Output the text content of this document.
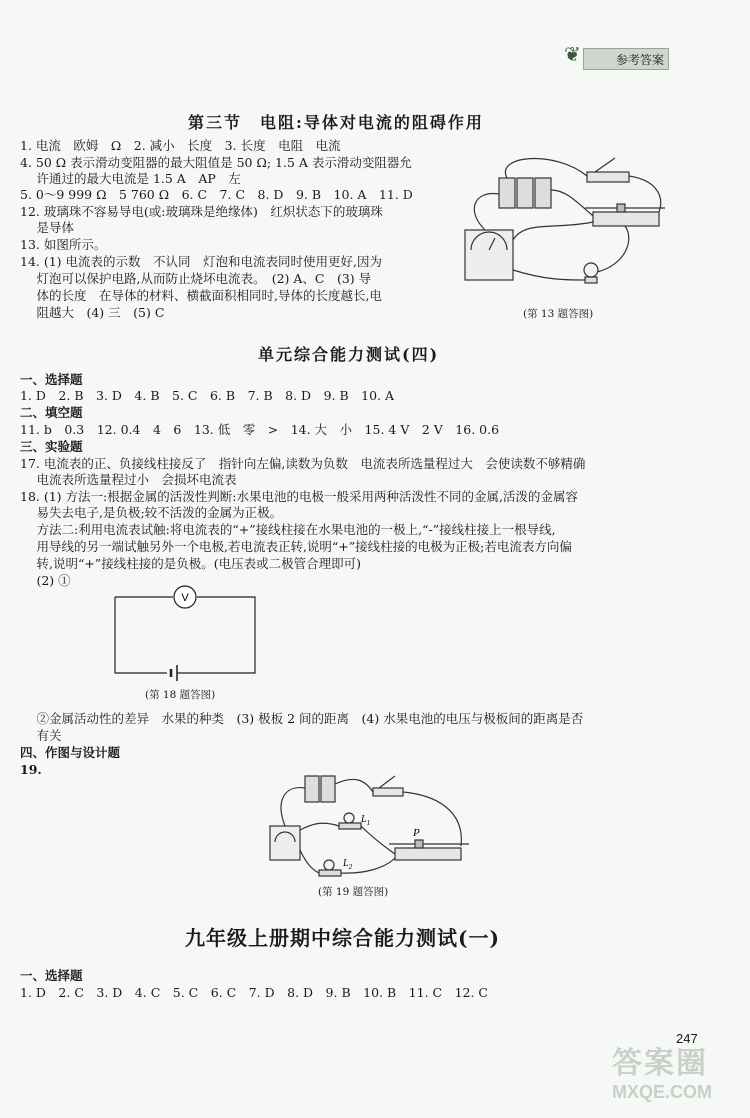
❦	参考答案
第三节　电阻:导体对电流的阻碍作用
1. 电流　欧姆　Ω　2. 减小　长度　3. 长度　电阻　电流
4. 50 Ω 表示滑动变阻器的最大阻值是 50 Ω; 1.5 A 表示滑动变阻器允
　 许通过的最大电流是 1.5 A　AP　左
5. 0～9 999 Ω　5 760 Ω　6. C　7. C　8. D　9. B　10. A　11. D
12. 玻璃珠不容易导电(或:玻璃珠是绝缘体)　红炽状态下的玻璃珠
　 是导体
13. 如图所示。
14. (1) 电流表的示数　不认同　灯泡和电流表同时使用更好,因为
　 灯泡可以保护电路,从而防止烧坏电流表。　(2) A、C　(3) 导
　 体的长度　在导体的材料、横截面积相同时,导体的长度越长,电
　 阻越大　(4) 三　(5) C	(第 13 题答图)
单元综合能力测试(四)
一、选择题
1. D　2. B　3. D　4. B　5. C　6. B　7. B　8. D　9. B　10. A
二、填空题
11. b　0.3　12. 0.4　4　6　13. 低　零　>　14. 大　小　15. 4 V　2 V　16. 0.6
三、实验题
17. 电流表的正、负接线柱接反了　指针向左偏,读数为负数　电流表所选量程过大　会使读数不够精确
　 电流表所选量程过小　会损坏电流表
18. (1) 方法一:根据金属的活泼性判断:水果电池的电极一般采用两种活泼性不同的金属,活泼的金属容
　 易失去电子,是负极;较不活泼的金属为正极。
　 方法二:利用电流表试触:将电流表的“+”接线柱接在水果电池的一极上,“-”接线柱接上一根导线,
　 用导线的另一端试触另外一个电极,若电流表正转,说明“+”接线柱接的电极为正极;若电流表方向偏
　 转,说明“+”接线柱接的是负极。(电压表或二极管合理即可)
　 (2) ①
V
(第 18 题答图)
　 ②金属活动性的差异　水果的种类　(3) 极板 2 间的距离　(4) 水果电池的电压与极板间的距离是否
　 有关
四、作图与设计题
19.
$L_1$
$L_2$
P
(第 19 题答图)
九年级上册期中综合能力测试(一)
一、选择题
1. D　2. C　3. D　4. C　5. C　6. C　7. D　8. D　9. B　10. B　11. C　12. C
247
答案圈
MXQE.COM
